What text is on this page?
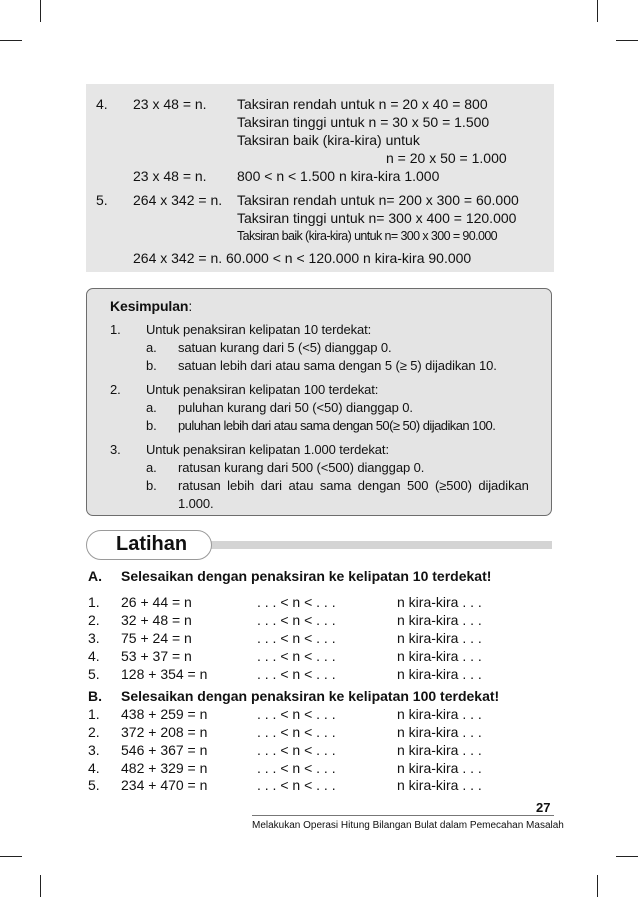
4. 23 x 48 = n. Taksiran rendah untuk n = 20 x 40 = 800
Taksiran tinggi untuk n = 30 x 50 = 1.500
Taksiran baik (kira-kira) untuk
n = 20 x 50 = 1.000
23 x 48 = n. 800 < n < 1.500 n kira-kira 1.000
5. 264 x 342 = n. Taksiran rendah untuk n= 200 x 300 = 60.000
Taksiran tinggi untuk n= 300 x 400 = 120.000
Taksiran baik (kira-kira) untuk n= 300 x 300 = 90.000
264 x 342 = n. 60.000 < n < 120.000 n kira-kira 90.000
Kesimpulan:
1. Untuk penaksiran kelipatan 10 terdekat:
a. satuan kurang dari 5 (<5) dianggap 0.
b. satuan lebih dari atau sama dengan 5 (≥ 5) dijadikan 10.
2. Untuk penaksiran kelipatan 100 terdekat:
a. puluhan kurang dari 50 (<50) dianggap 0.
b. puluhan lebih dari atau sama dengan 50(≥ 50) dijadikan 100.
3. Untuk penaksiran kelipatan 1.000 terdekat:
a. ratusan kurang dari 500 (<500) dianggap 0.
b. ratusan lebih dari atau sama dengan 500 (≥500) dijadikan
1.000.
Latihan
A. Selesaikan dengan penaksiran ke kelipatan 10 terdekat!
1. 26 + 44 = n	. . . < n < . . .	n kira-kira . . .
2. 32 + 48 = n	. . . < n < . . .	n kira-kira . . .
3. 75 + 24 = n	. . . < n < . . .	n kira-kira . . .
4. 53 + 37 = n	. . . < n < . . .	n kira-kira . . .
5. 128 + 354 = n	. . . < n < . . .	n kira-kira . . .
B. Selesaikan dengan penaksiran ke kelipatan 100 terdekat!
1. 438 + 259 = n	. . . < n < . . .	n kira-kira . . .
2. 372 + 208 = n	. . . < n < . . .	n kira-kira . . .
3. 546 + 367 = n	. . . < n < . . .	n kira-kira . . .
4. 482 + 329 = n	. . . < n < . . .	n kira-kira . . .
5. 234 + 470 = n	. . . < n < . . .	n kira-kira . . .
27
Melakukan Operasi Hitung Bilangan Bulat dalam Pemecahan Masalah
